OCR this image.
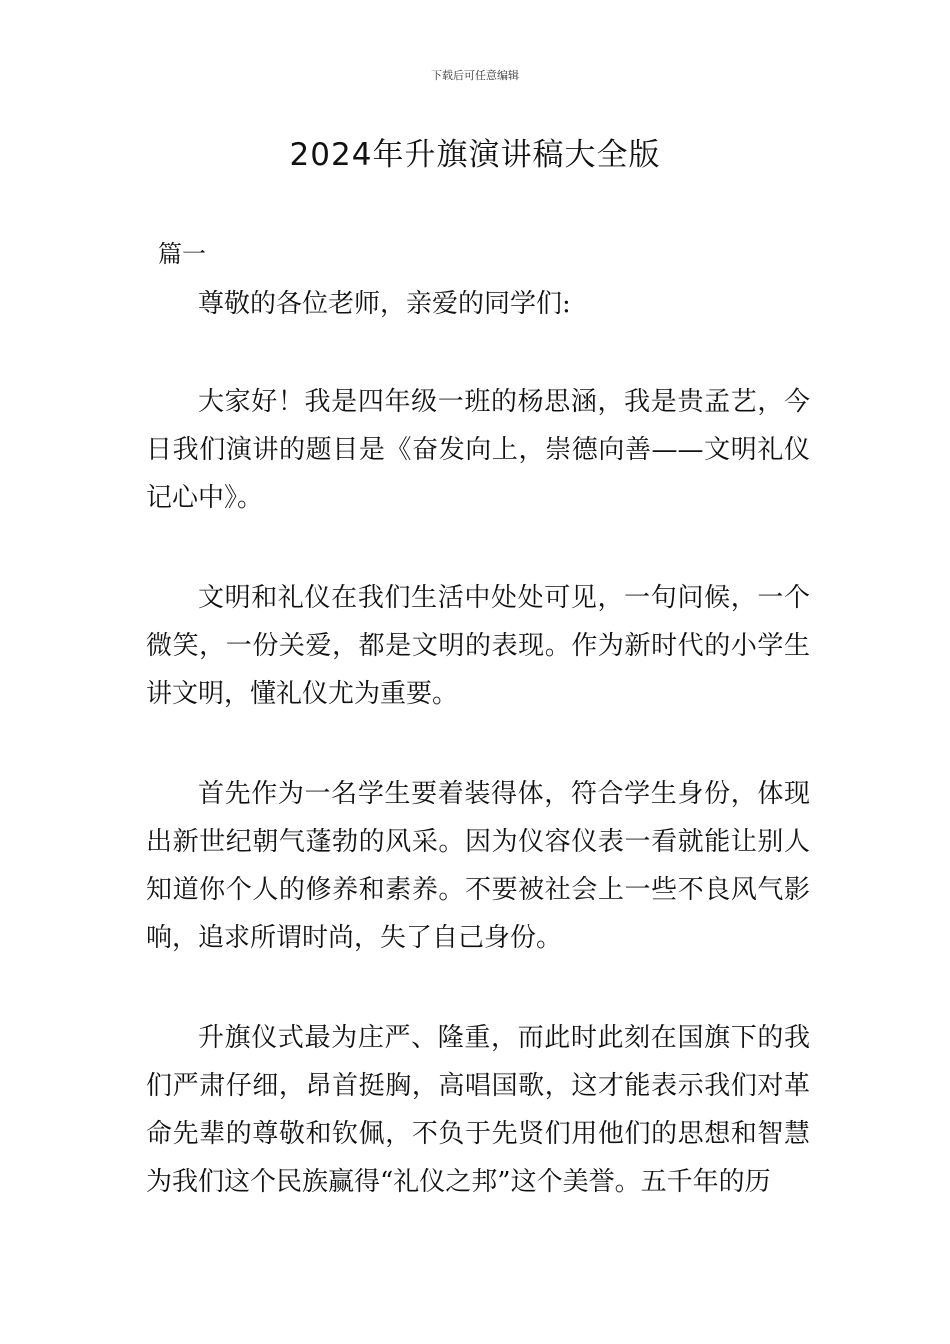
下载后可任意编辑
2024年升旗演讲稿大全版
篇一

尊敬的各位老师，亲爱的同学们:

大家好！我是四年级一班的杨思涵，我是贵孟艺，今日我们演讲的题目是《奋发向上，崇德向善——文明礼仪记心中》。

文明和礼仪在我们生活中处处可见，一句问候，一个微笑，一份关爱，都是文明的表现。作为新时代的小学生讲文明，懂礼仪尤为重要。

首先作为一名学生要着装得体，符合学生身份，体现出新世纪朝气蓬勃的风采。因为仪容仪表一看就能让别人知道你个人的修养和素养。不要被社会上一些不良风气影响，追求所谓时尚，失了自己身份。

升旗仪式最为庄严、隆重，而此时此刻在国旗下的我们严肃仔细，昂首挺胸，高唱国歌，这才能表示我们对革命先辈的尊敬和钦佩，不负于先贤们用他们的思想和智慧为我们这个民族赢得“礼仪之邦”这个美誉。五千年的历
